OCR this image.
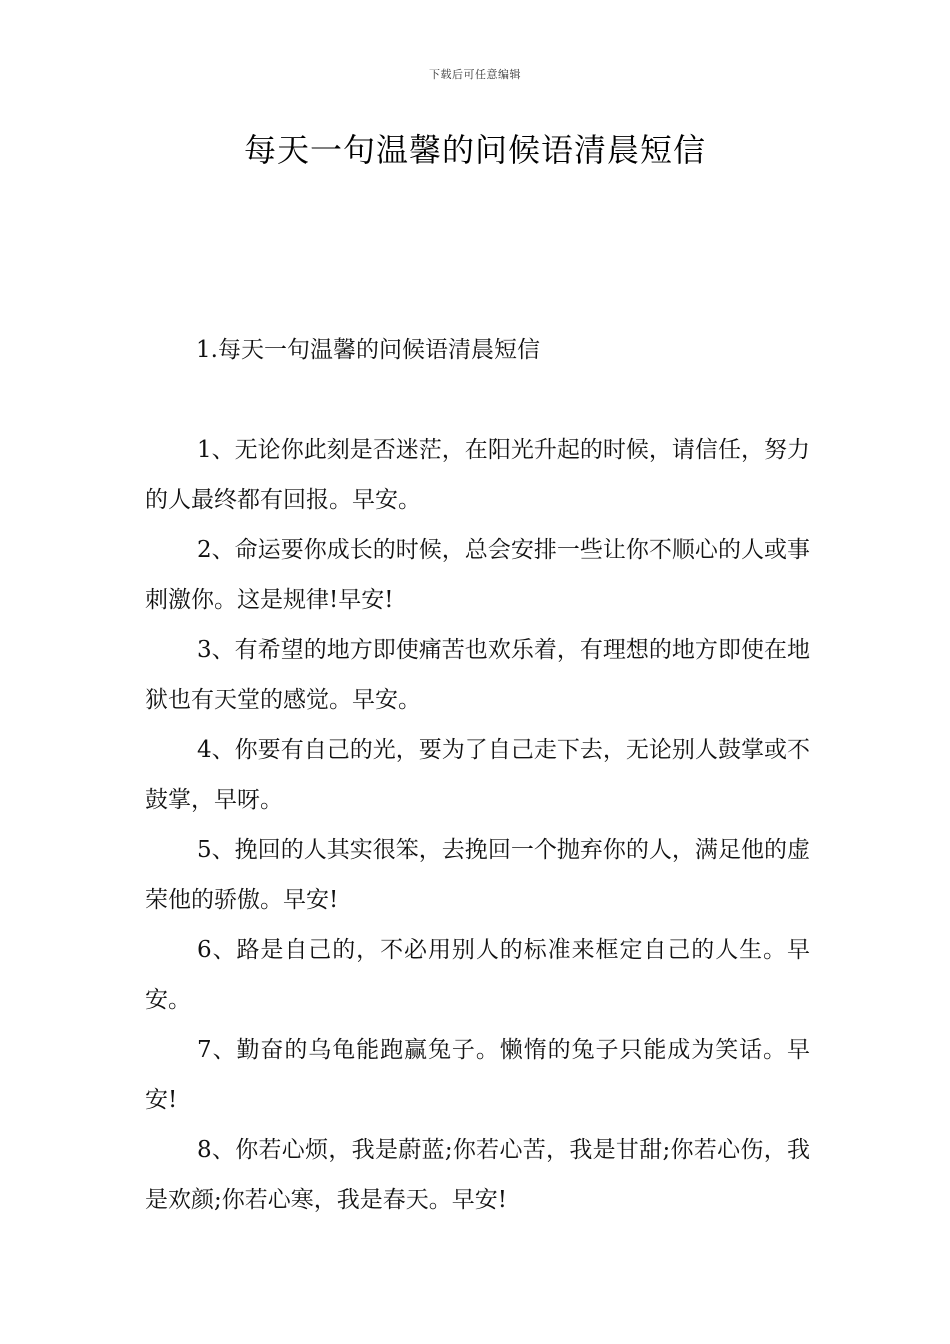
下载后可任意编辑
每天一句温馨的问候语清晨短信
1.每天一句温馨的问候语清晨短信

1、无论你此刻是否迷茫，在阳光升起的时候，请信任，努力的人最终都有回报。早安。

2、命运要你成长的时候，总会安排一些让你不顺心的人或事刺激你。这是规律!早安!

3、有希望的地方即使痛苦也欢乐着，有理想的地方即使在地狱也有天堂的感觉。早安。

4、你要有自己的光，要为了自己走下去，无论别人鼓掌或不鼓掌，早呀。

5、挽回的人其实很笨，去挽回一个抛弃你的人，满足他的虚荣他的骄傲。早安!

6、路是自己的，不必用别人的标准来框定自己的人生。早安。

7、勤奋的乌龟能跑赢兔子。懒惰的兔子只能成为笑话。早安!

8、你若心烦，我是蔚蓝;你若心苦，我是甘甜;你若心伤，我是欢颜;你若心寒，我是春天。早安!
